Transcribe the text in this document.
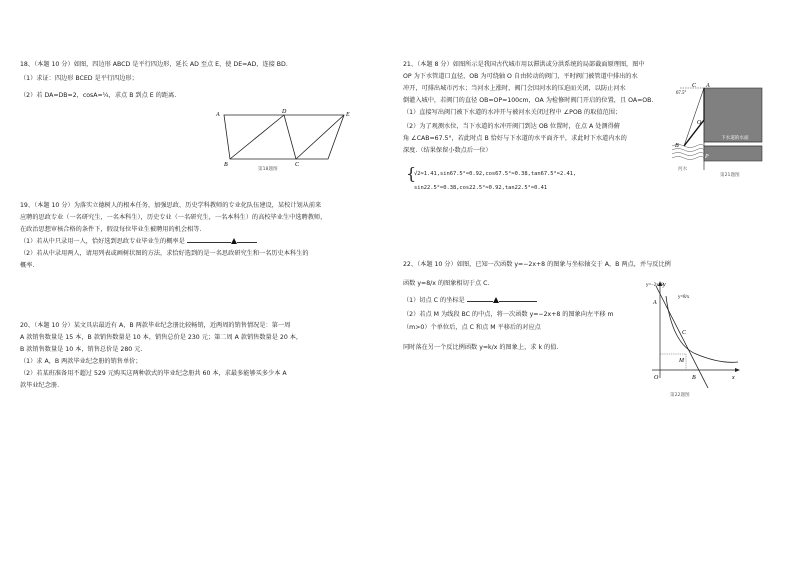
18、（本题 10 分）如图，四边形 ABCD 是平行四边形，延长 AD 至点 E，使 DE=AD，连接 BD.

（1）求证：四边形 BCED 是平行四边形；

（2）若 DA=DB=2，cosA=¼，求点 B 到点 E 的距离.

A	D	E
B	C
第18题图

19、（本题 10 分）为落实立德树人的根本任务，加强思政、历史学科教师的专业化队伍建设，某校计划从前来

应聘的思政专业（一名研究生，一名本科生），历史专业（一名研究生，一名本科生）的高校毕业生中选聘教师，

在政治思想审核合格的条件下，假设每位毕业生被聘用的机会相等.

（1）若从中只录用一人，恰好选到思政专业毕业生的概率是

（2）若从中录用两人，请用列表或画树状图的方法，求恰好选到的是一名思政研究生和一名历史本科生的

概率.

20、（本题 10 分）某文具店最近有 A，B 两款毕业纪念册比较畅销，近两周的销售情况是：第一周

A 款销售数量是 15 本，B 款销售数量是 10 本，销售总价是 230 元；第二周 A 款销售数量是 20 本，

B 款销售数量是 10 本，销售总价是 280 元.

（1）求 A，B 两款毕业纪念册的销售单价；

（2）若某班准备用不超过 529 元购买这两种款式的毕业纪念册共 60 本，求最多能够买多少本 A

款毕业纪念册.

21、（本题 8 分）如图所示是我国古代城市用以滞洪或分洪系统的局部截面原理图，图中

OP 为下水管道口直径，OB 为可绕轴 O 自由转动的阀门，平时阀门被管道中排出的水

冲开，可排出城市污水；当河水上涨时，阀门会因河水的压迫而关闭，以防止河水

倒灌入城中，若阀门的直径 OB=OP=100cm，OA 为检修时阀门开启的位置，且 OA=OB.

（1）直接写出阀门被下水道的水冲开与被河水关闭过程中 ∠POB 的取值范围；

（2）为了观测水位，当下水道的水冲开阀门到达 OB 位置时，在点 A 处测得俯

角 ∠CAB=67.5°，若此时点 B 恰好与下水道的水平面齐平，求此时下水道内水的

深度.（结果保留小数点后一位）

{

√2≈1.41,sin67.5°≈0.92,cos67.5°≈0.38,tan67.5°≈2.41,

sin22.5°≈0.38,cos22.5°≈0.92,tan22.5°≈0.41

下水道的水面
67.5°
C A
O
B
P
河水
第21题图

22、（本题 10 分）如图，已知一次函数 y=−2x+8 的图象与坐标轴交于 A，B 两点，并与反比例

函数 y=8/x 的图象相切于点 C.

（1）切点 C 的坐标是

（2）若点 M 为线段 BC 的中点，将一次函数 y=−2x+8 的图象向左平移 m

（m>0）个单位后，点 C 和点 M 平移后的对应点

同时落在另一个反比例函数 y=k/x 的图象上，求 k 的值.

y=−2x+8
y=8/x
A
C
M
O	B	x
y
第22题图
